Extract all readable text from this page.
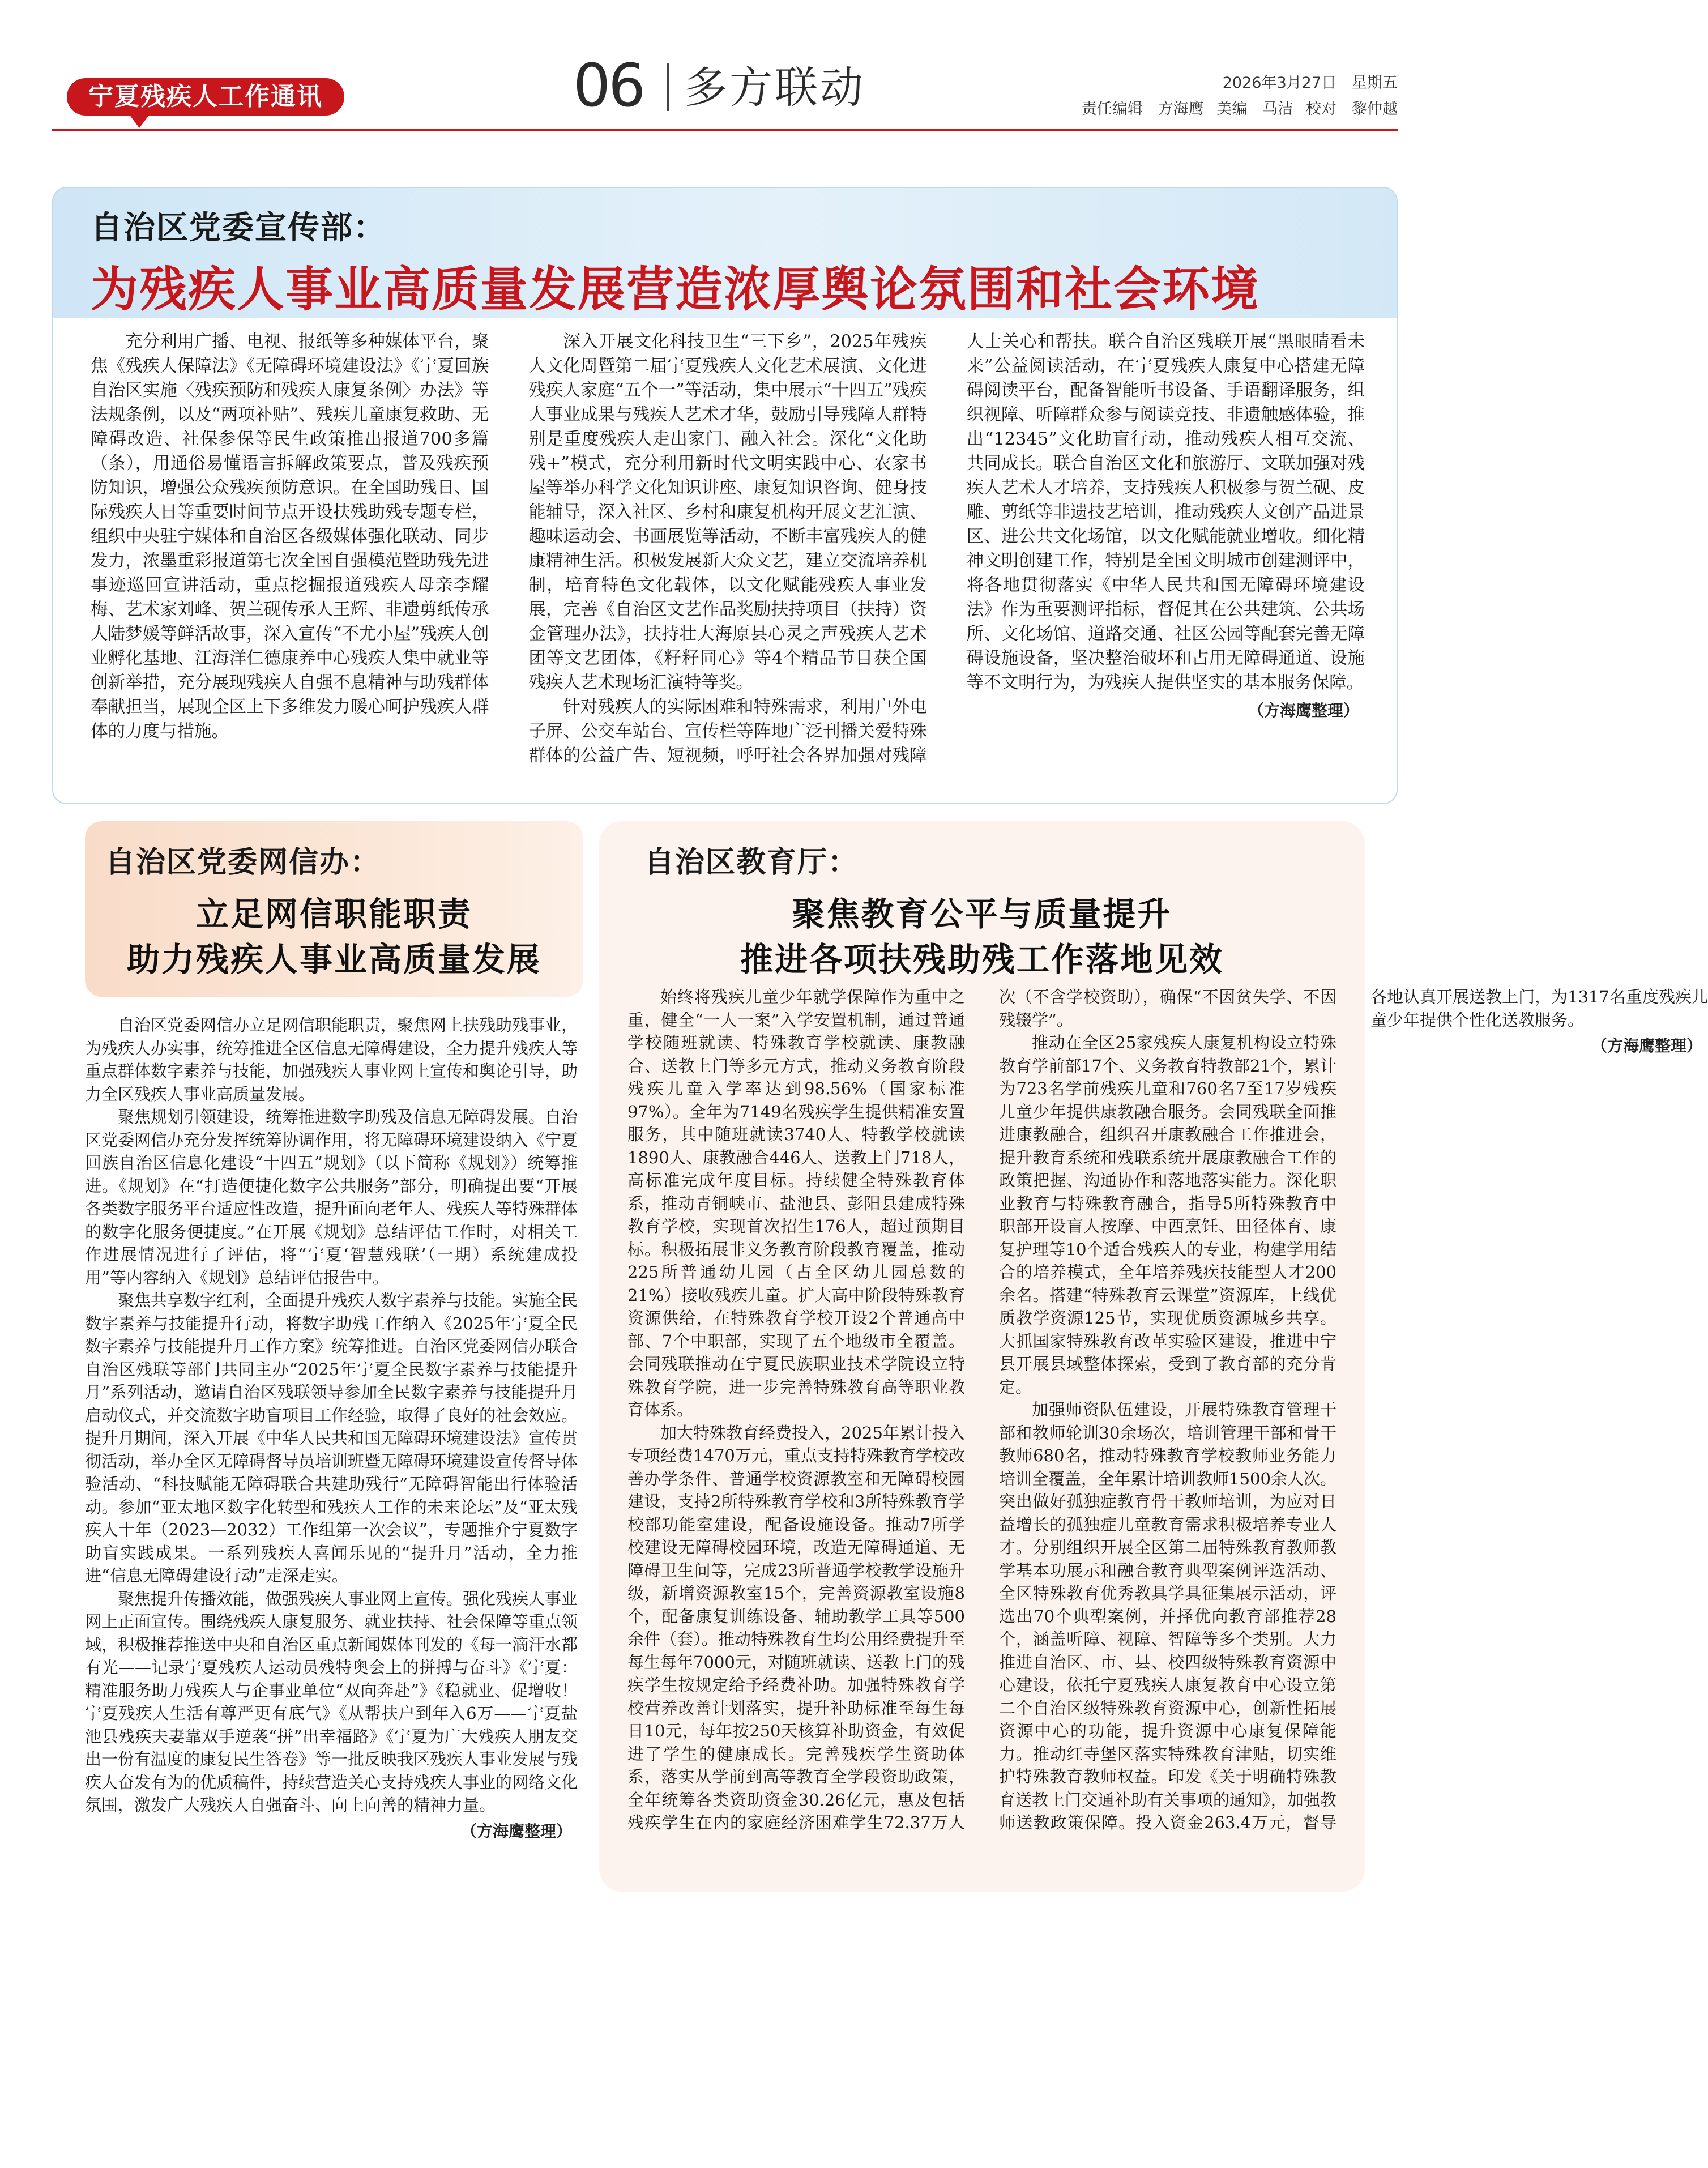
宁夏残疾人工作通讯	06 多方联动	2026年3月27日　星期五
责任编辑　方海鹰 美编　马洁 校对　黎仲越
自治区党委宣传部：
为残疾人事业高质量发展营造浓厚舆论氛围和社会环境

充分利用广播、电视、报纸等多种媒体平台，聚焦《残疾人保障法》《无障碍环境建设法》《宁夏回族自治区实施〈残疾预防和残疾人康复条例〉办法》等法规条例，以及“两项补贴”、残疾儿童康复救助、无障碍改造、社保参保等民生政策推出报道700多篇（条），用通俗易懂语言拆解政策要点，普及残疾预防知识，增强公众残疾预防意识。在全国助残日、国际残疾人日等重要时间节点开设扶残助残专题专栏，组织中央驻宁媒体和自治区各级媒体强化联动、同步发力，浓墨重彩报道第七次全国自强模范暨助残先进事迹巡回宣讲活动，重点挖掘报道残疾人母亲李耀梅、艺术家刘峰、贺兰砚传承人王辉、非遗剪纸传承人陆梦媛等鲜活故事，深入宣传“不尤小屋”残疾人创业孵化基地、江海洋仁德康养中心残疾人集中就业等创新举措，充分展现残疾人自强不息精神与助残群体奉献担当，展现全区上下多维发力暖心呵护残疾人群体的力度与措施。

深入开展文化科技卫生“三下乡”，2025年残疾人文化周暨第二届宁夏残疾人文化艺术展演、文化进残疾人家庭“五个一”等活动，集中展示“十四五”残疾人事业成果与残疾人艺术才华，鼓励引导残障人群特别是重度残疾人走出家门、融入社会。深化“文化助残+”模式，充分利用新时代文明实践中心、农家书屋等举办科学文化知识讲座、康复知识咨询、健身技能辅导，深入社区、乡村和康复机构开展文艺汇演、趣味运动会、书画展览等活动，不断丰富残疾人的健康精神生活。积极发展新大众文艺，建立交流培养机制，培育特色文化载体，以文化赋能残疾人事业发展，完善《自治区文艺作品奖励扶持项目（扶持）资金管理办法》，扶持壮大海原县心灵之声残疾人艺术团等文艺团体，《籽籽同心》等4个精品节目获全国残疾人艺术现场汇演特等奖。

针对残疾人的实际困难和特殊需求，利用户外电子屏、公交车站台、宣传栏等阵地广泛刊播关爱特殊群体的公益广告、短视频，呼吁社会各界加强对残障人士关心和帮扶。联合自治区残联开展“黑眼睛看未来”公益阅读活动，在宁夏残疾人康复中心搭建无障碍阅读平台，配备智能听书设备、手语翻译服务，组织视障、听障群众参与阅读竞技、非遗触感体验，推出“12345”文化助盲行动，推动残疾人相互交流、共同成长。联合自治区文化和旅游厅、文联加强对残疾人艺术人才培养，支持残疾人积极参与贺兰砚、皮雕、剪纸等非遗技艺培训，推动残疾人文创产品进景区、进公共文化场馆，以文化赋能就业增收。细化精神文明创建工作，特别是全国文明城市创建测评中，将各地贯彻落实《中华人民共和国无障碍环境建设法》作为重要测评指标，督促其在公共建筑、公共场所、文化场馆、道路交通、社区公园等配套完善无障碍设施设备，坚决整治破坏和占用无障碍通道、设施等不文明行为，为残疾人提供坚实的基本服务保障。

（方海鹰整理）
自治区党委网信办：
立足网信职能职责
助力残疾人事业高质量发展

自治区党委网信办立足网信职能职责，聚焦网上扶残助残事业，为残疾人办实事，统筹推进全区信息无障碍建设，全力提升残疾人等重点群体数字素养与技能，加强残疾人事业网上宣传和舆论引导，助力全区残疾人事业高质量发展。

聚焦规划引领建设，统筹推进数字助残及信息无障碍发展。自治区党委网信办充分发挥统筹协调作用，将无障碍环境建设纳入《宁夏回族自治区信息化建设“十四五”规划》（以下简称《规划》）统筹推进。《规划》在“打造便捷化数字公共服务”部分，明确提出要“开展各类数字服务平台适应性改造，提升面向老年人、残疾人等特殊群体的数字化服务便捷度。”在开展《规划》总结评估工作时，对相关工作进展情况进行了评估，将“宁夏‘智慧残联’（一期）系统建成投用”等内容纳入《规划》总结评估报告中。

聚焦共享数字红利，全面提升残疾人数字素养与技能。实施全民数字素养与技能提升行动，将数字助残工作纳入《2025年宁夏全民数字素养与技能提升月工作方案》统筹推进。自治区党委网信办联合自治区残联等部门共同主办“2025年宁夏全民数字素养与技能提升月”系列活动，邀请自治区残联领导参加全民数字素养与技能提升月启动仪式，并交流数字助盲项目工作经验，取得了良好的社会效应。提升月期间，深入开展《中华人民共和国无障碍环境建设法》宣传贯彻活动，举办全区无障碍督导员培训班暨无障碍环境建设宣传督导体验活动、“科技赋能无障碍联合共建助残行”无障碍智能出行体验活动。参加“亚太地区数字化转型和残疾人工作的未来论坛”及“亚太残疾人十年（2023—2032）工作组第一次会议”，专题推介宁夏数字助盲实践成果。一系列残疾人喜闻乐见的“提升月”活动，全力推进“信息无障碍建设行动”走深走实。

聚焦提升传播效能，做强残疾人事业网上宣传。强化残疾人事业网上正面宣传。围绕残疾人康复服务、就业扶持、社会保障等重点领域，积极推荐推送中央和自治区重点新闻媒体刊发的《每一滴汗水都有光——记录宁夏残疾人运动员残特奥会上的拼搏与奋斗》《宁夏：精准服务助力残疾人与企事业单位“双向奔赴”》《稳就业、促增收！宁夏残疾人生活有尊严更有底气》《从帮扶户到年入6万——宁夏盐池县残疾夫妻靠双手逆袭“拼”出幸福路》《宁夏为广大残疾人朋友交出一份有温度的康复民生答卷》等一批反映我区残疾人事业发展与残疾人奋发有为的优质稿件，持续营造关心支持残疾人事业的网络文化氛围，激发广大残疾人自强奋斗、向上向善的精神力量。

（方海鹰整理）
自治区教育厅：
聚焦教育公平与质量提升
推进各项扶残助残工作落地见效

始终将残疾儿童少年就学保障作为重中之重，健全“一人一案”入学安置机制，通过普通学校随班就读、特殊教育学校就读、康教融合、送教上门等多元方式，推动义务教育阶段残疾儿童入学率达到98.56%（国家标准97%）。全年为7149名残疾学生提供精准安置服务，其中随班就读3740人、特教学校就读1890人、康教融合446人、送教上门718人，高标准完成年度目标。持续健全特殊教育体系，推动青铜峡市、盐池县、彭阳县建成特殊教育学校，实现首次招生176人，超过预期目标。积极拓展非义务教育阶段教育覆盖，推动225所普通幼儿园（占全区幼儿园总数的21%）接收残疾儿童。扩大高中阶段特殊教育资源供给，在特殊教育学校开设2个普通高中部、7个中职部，实现了五个地级市全覆盖。会同残联推动在宁夏民族职业技术学院设立特殊教育学院，进一步完善特殊教育高等职业教育体系。

加大特殊教育经费投入，2025年累计投入专项经费1470万元，重点支持特殊教育学校改善办学条件、普通学校资源教室和无障碍校园建设，支持2所特殊教育学校和3所特殊教育学校部功能室建设，配备设施设备。推动7所学校建设无障碍校园环境，改造无障碍通道、无障碍卫生间等，完成23所普通学校教学设施升级，新增资源教室15个，完善资源教室设施8个，配备康复训练设备、辅助教学工具等500余件（套）。推动特殊教育生均公用经费提升至每生每年7000元，对随班就读、送教上门的残疾学生按规定给予经费补助。加强特殊教育学校营养改善计划落实，提升补助标准至每生每日10元，每年按250天核算补助资金，有效促进了学生的健康成长。完善残疾学生资助体系，落实从学前到高等教育全学段资助政策，全年统筹各类资助资金30.26亿元，惠及包括残疾学生在内的家庭经济困难学生72.37万人次（不含学校资助），确保“不因贫失学、不因残辍学”。

推动在全区25家残疾人康复机构设立特殊教育学前部17个、义务教育特教部21个，累计为723名学前残疾儿童和760名7至17岁残疾儿童少年提供康教融合服务。会同残联全面推进康教融合，组织召开康教融合工作推进会，提升教育系统和残联系统开展康教融合工作的政策把握、沟通协作和落地落实能力。深化职业教育与特殊教育融合，指导5所特殊教育中职部开设盲人按摩、中西烹饪、田径体育、康复护理等10个适合残疾人的专业，构建学用结合的培养模式，全年培养残疾技能型人才200余名。搭建“特殊教育云课堂”资源库，上线优质教学资源125节，实现优质资源城乡共享。大抓国家特殊教育改革实验区建设，推进中宁县开展县域整体探索，受到了教育部的充分肯定。

加强师资队伍建设，开展特殊教育管理干部和教师轮训30余场次，培训管理干部和骨干教师680名，推动特殊教育学校教师业务能力培训全覆盖，全年累计培训教师1500余人次。突出做好孤独症教育骨干教师培训，为应对日益增长的孤独症儿童教育需求积极培养专业人才。分别组织开展全区第二届特殊教育教师教学基本功展示和融合教育典型案例评选活动、全区特殊教育优秀教具学具征集展示活动，评选出70个典型案例，并择优向教育部推荐28个，涵盖听障、视障、智障等多个类别。大力推进自治区、市、县、校四级特殊教育资源中心建设，依托宁夏残疾人康复教育中心设立第二个自治区级特殊教育资源中心，创新性拓展资源中心的功能，提升资源中心康复保障能力。推动红寺堡区落实特殊教育津贴，切实维护特殊教育教师权益。印发《关于明确特殊教育送教上门交通补助有关事项的通知》，加强教师送教政策保障。投入资金263.4万元，督导各地认真开展送教上门，为1317名重度残疾儿童少年提供个性化送教服务。

（方海鹰整理）
